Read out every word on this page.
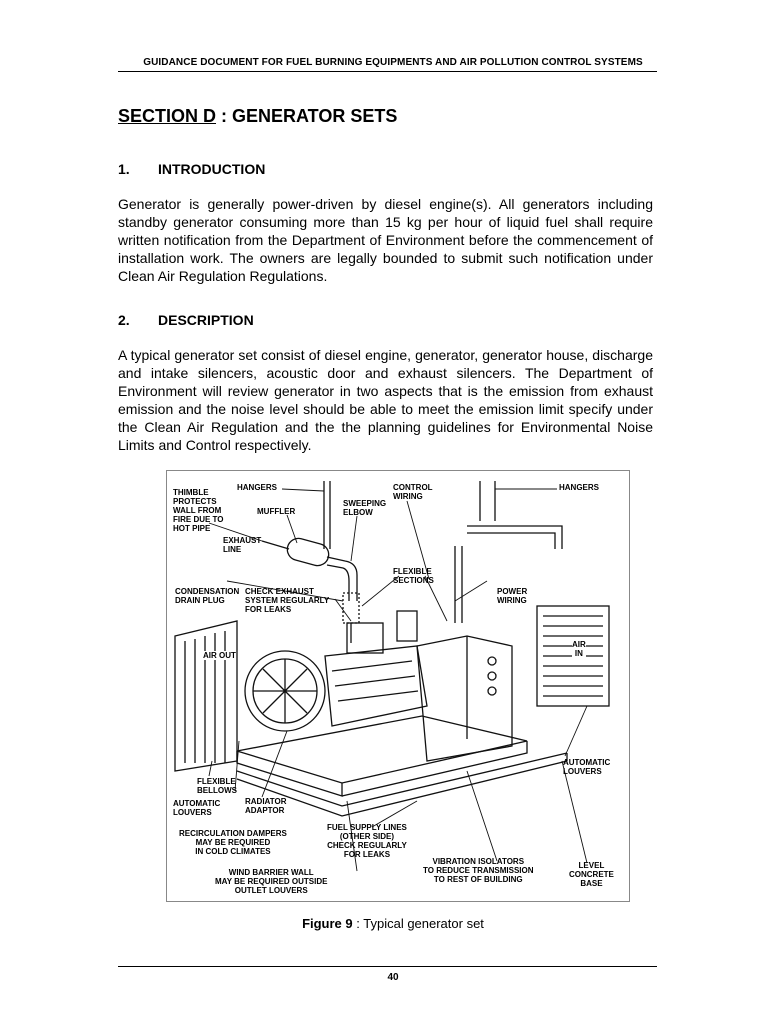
GUIDANCE DOCUMENT FOR FUEL BURNING EQUIPMENTS AND AIR POLLUTION CONTROL SYSTEMS
SECTION D : GENERATOR SETS
1. INTRODUCTION
Generator is generally power-driven by diesel engine(s). All generators including standby generator consuming more than 15 kg per hour of liquid fuel shall require written notification from the Department of Environment before the commencement of installation work. The owners are legally bounded to submit such notification under Clean Air Regulation Regulations.
2. DESCRIPTION
A typical generator set consist of diesel engine, generator, generator house, discharge and intake silencers, acoustic door and exhaust silencers. The Department of Environment will review generator in two aspects that is the emission from exhaust emission and the noise level should be able to meet the emission limit specify under the Clean Air Regulation and the the planning guidelines for Environmental Noise Limits and Control respectively.
HANGERS
THIMBLE
PROTECTS
WALL FROM
FIRE DUE TO
HOT PIPE
MUFFLER
SWEEPING
ELBOW
CONTROL
WIRING
HANGERS
EXHAUST
LINE
FLEXIBLE
SECTIONS
CONDENSATION
DRAIN PLUG
CHECK EXHAUST
SYSTEM REGULARLY
FOR LEAKS
POWER
WIRING
AIR OUT
AIR
IN
AUTOMATIC
LOUVERS
FLEXIBLE
BELLOWS
AUTOMATIC
LOUVERS
RADIATOR
ADAPTOR
FUEL SUPPLY LINES
(OTHER SIDE)
CHECK REGULARLY
FOR LEAKS
RECIRCULATION DAMPERS
MAY BE REQUIRED
IN COLD CLIMATES
VIBRATION ISOLATORS
TO REDUCE TRANSMISSION
TO REST OF BUILDING
LEVEL
CONCRETE
BASE
WIND BARRIER WALL
MAY BE REQUIRED OUTSIDE
OUTLET LOUVERS
Figure 9 : Typical generator set
40
